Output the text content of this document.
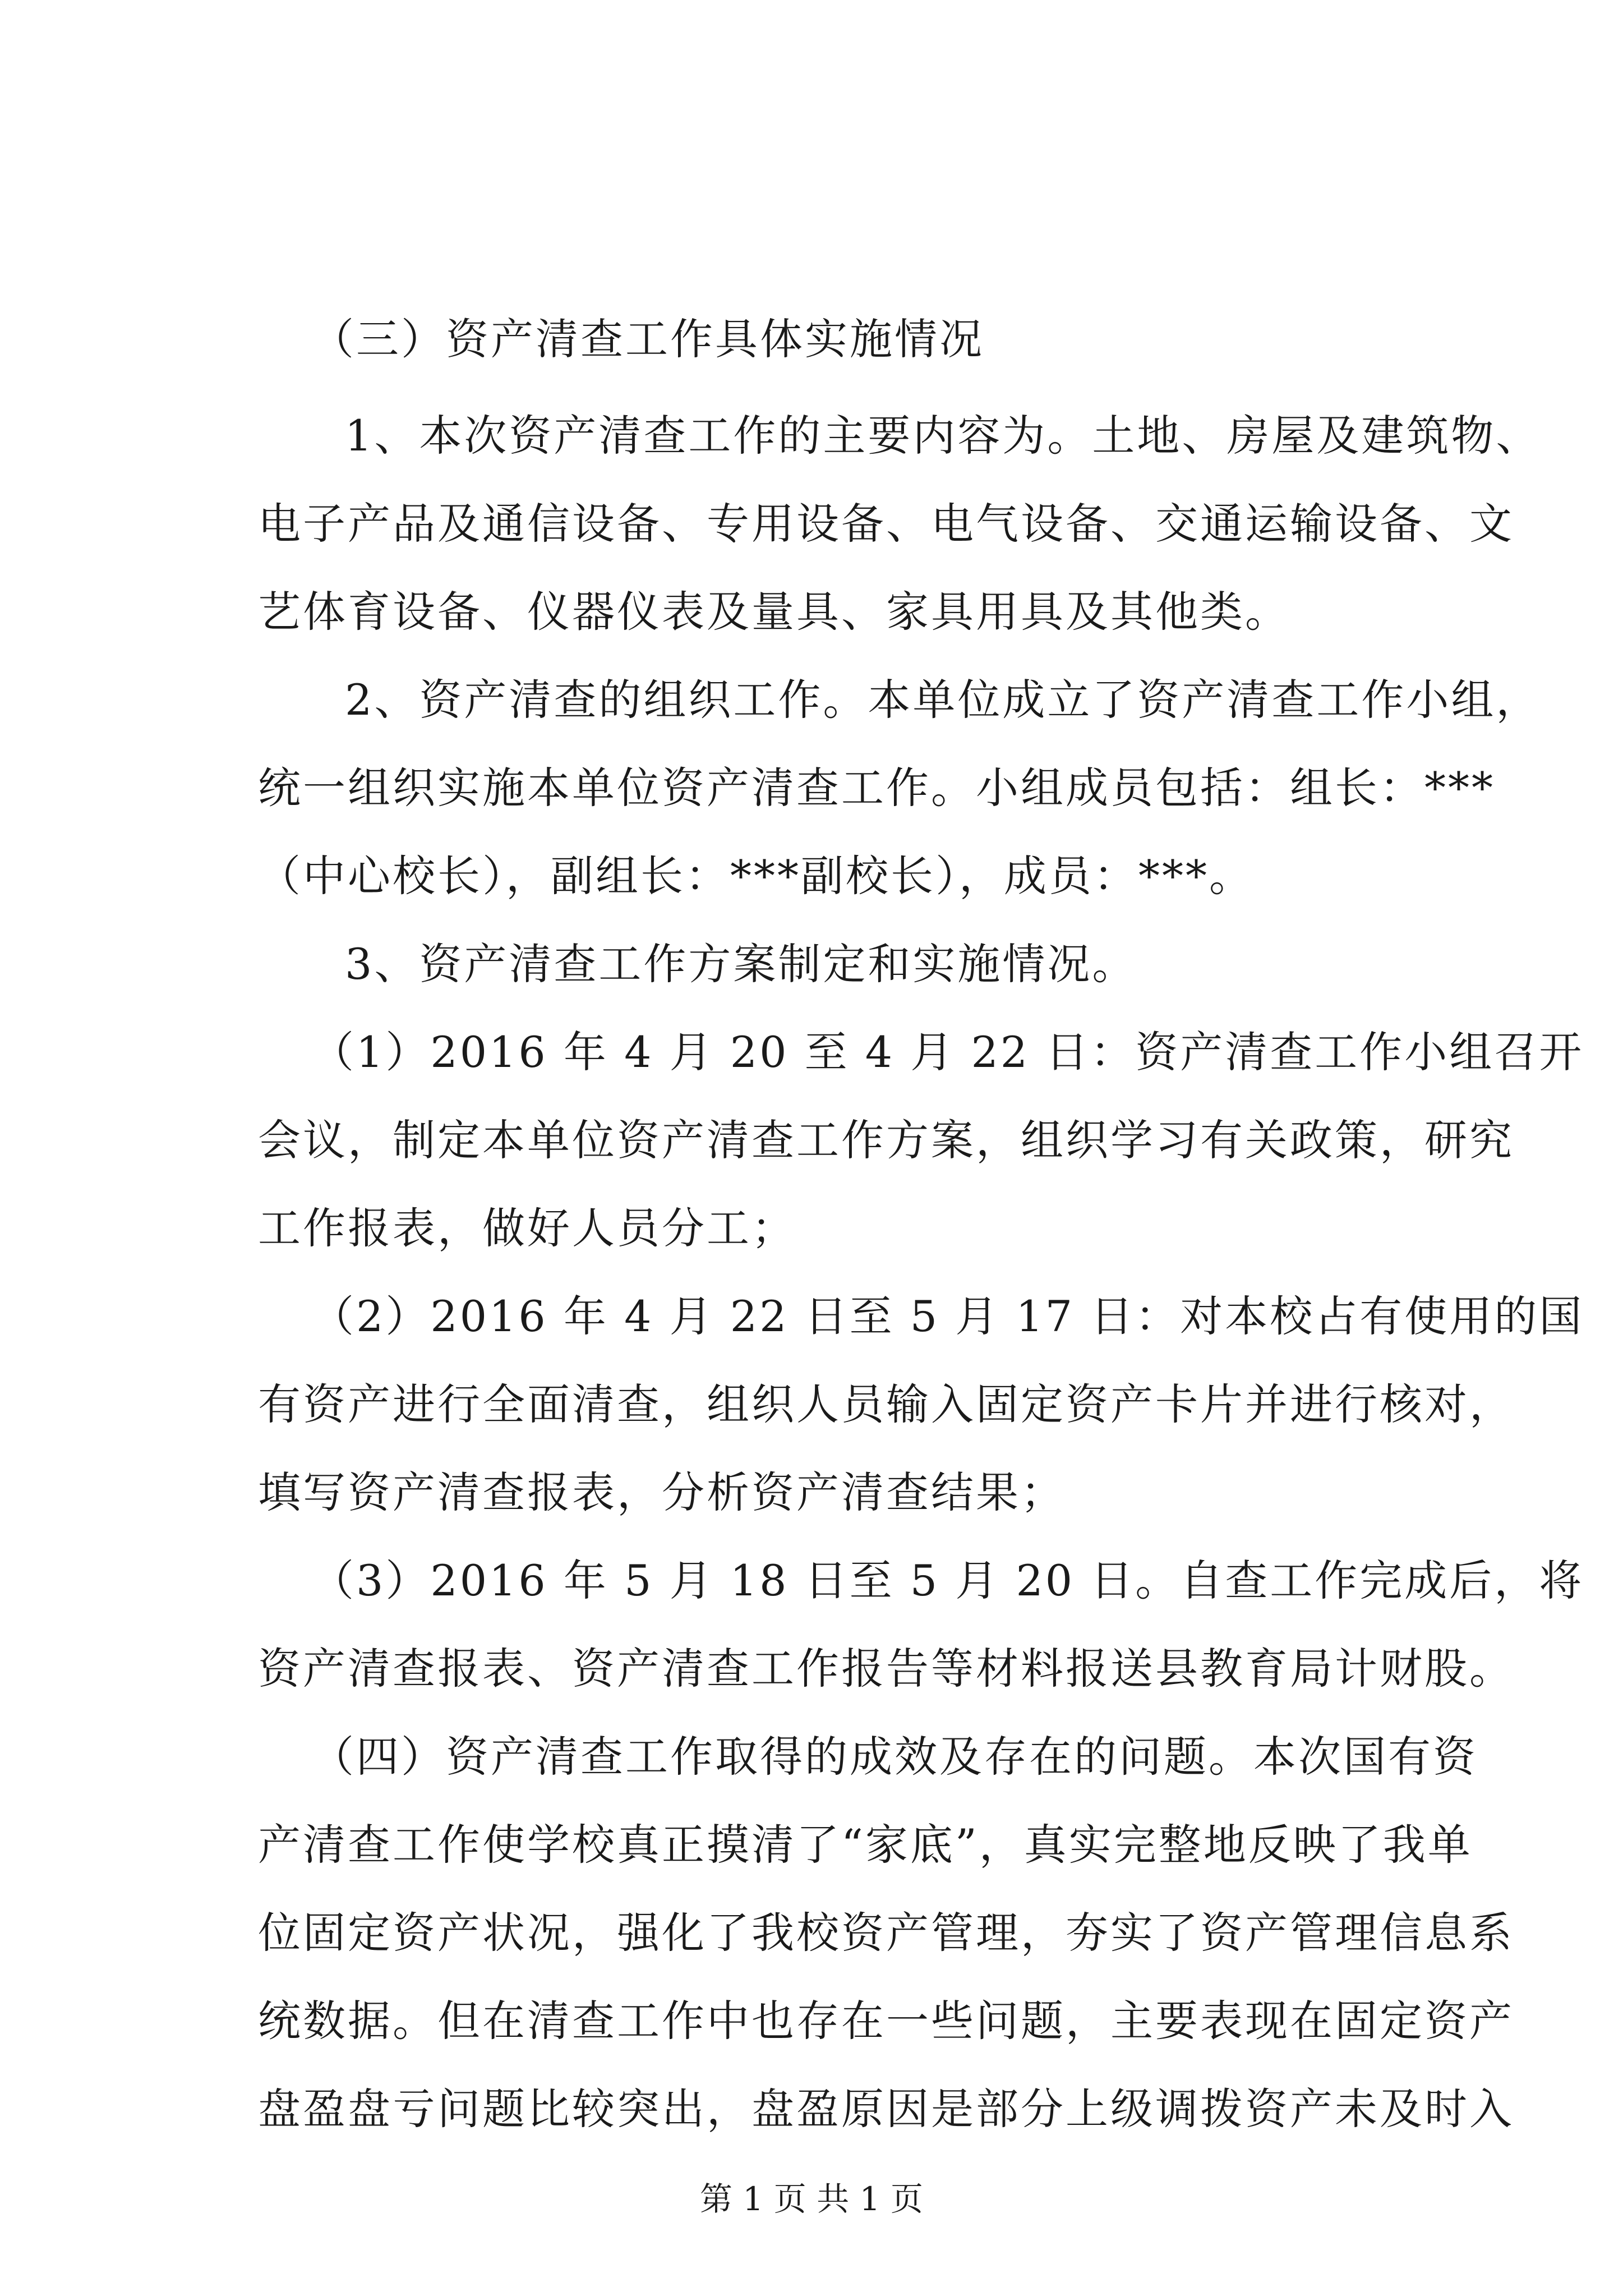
（三）资产清查工作具体实施情况
1、本次资产清查工作的主要内容为。土地、房屋及建筑物、
电子产品及通信设备、专用设备、电气设备、交通运输设备、文
艺体育设备、仪器仪表及量具、家具用具及其他类。
2、资产清查的组织工作。本单位成立了资产清查工作小组，
统一组织实施本单位资产清查工作。小组成员包括：组长：***
（中心校长），副组长：***副校长），成员：***。
3、资产清查工作方案制定和实施情况。
（1）2016 年 4 月 20 至 4 月 22 日：资产清查工作小组召开
会议，制定本单位资产清查工作方案，组织学习有关政策，研究
工作报表，做好人员分工；
（2）2016 年 4 月 22 日至 5 月 17 日：对本校占有使用的国
有资产进行全面清查，组织人员输入固定资产卡片并进行核对，
填写资产清查报表，分析资产清查结果；
（3）2016 年 5 月 18 日至 5 月 20 日。自查工作完成后，将
资产清查报表、资产清查工作报告等材料报送县教育局计财股。
（四）资产清查工作取得的成效及存在的问题。本次国有资
产清查工作使学校真正摸清了“家底”，真实完整地反映了我单
位固定资产状况，强化了我校资产管理，夯实了资产管理信息系
统数据。但在清查工作中也存在一些问题，主要表现在固定资产
盘盈盘亏问题比较突出，盘盈原因是部分上级调拨资产未及时入
第 1 页 共 1 页
